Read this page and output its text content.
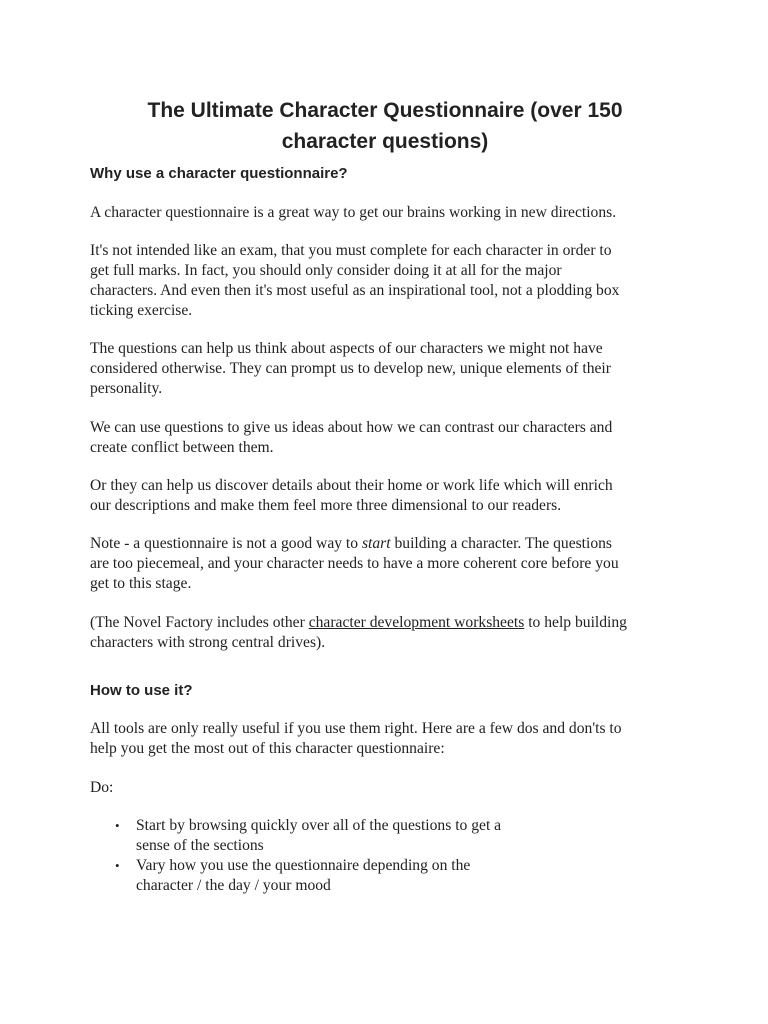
The Ultimate Character Questionnaire (over 150
character questions)
Why use a character questionnaire?

A character questionnaire is a great way to get our brains working in new directions.

It's not intended like an exam, that you must complete for each character in order to
get full marks. In fact, you should only consider doing it at all for the major
characters. And even then it's most useful as an inspirational tool, not a plodding box
ticking exercise.

The questions can help us think about aspects of our characters we might not have
considered otherwise. They can prompt us to develop new, unique elements of their
personality.

We can use questions to give us ideas about how we can contrast our characters and
create conflict between them.

Or they can help us discover details about their home or work life which will enrich
our descriptions and make them feel more three dimensional to our readers.

Note - a questionnaire is not a good way to start building a character. The questions
are too piecemeal, and your character needs to have a more coherent core before you
get to this stage.

(The Novel Factory includes other character development worksheets to help building
characters with strong central drives).

How to use it?

All tools are only really useful if you use them right. Here are a few dos and don'ts to
help you get the most out of this character questionnaire:

Do:

• Start by browsing quickly over all of the questions to get a
sense of the sections
• Vary how you use the questionnaire depending on the
character / the day / your mood
